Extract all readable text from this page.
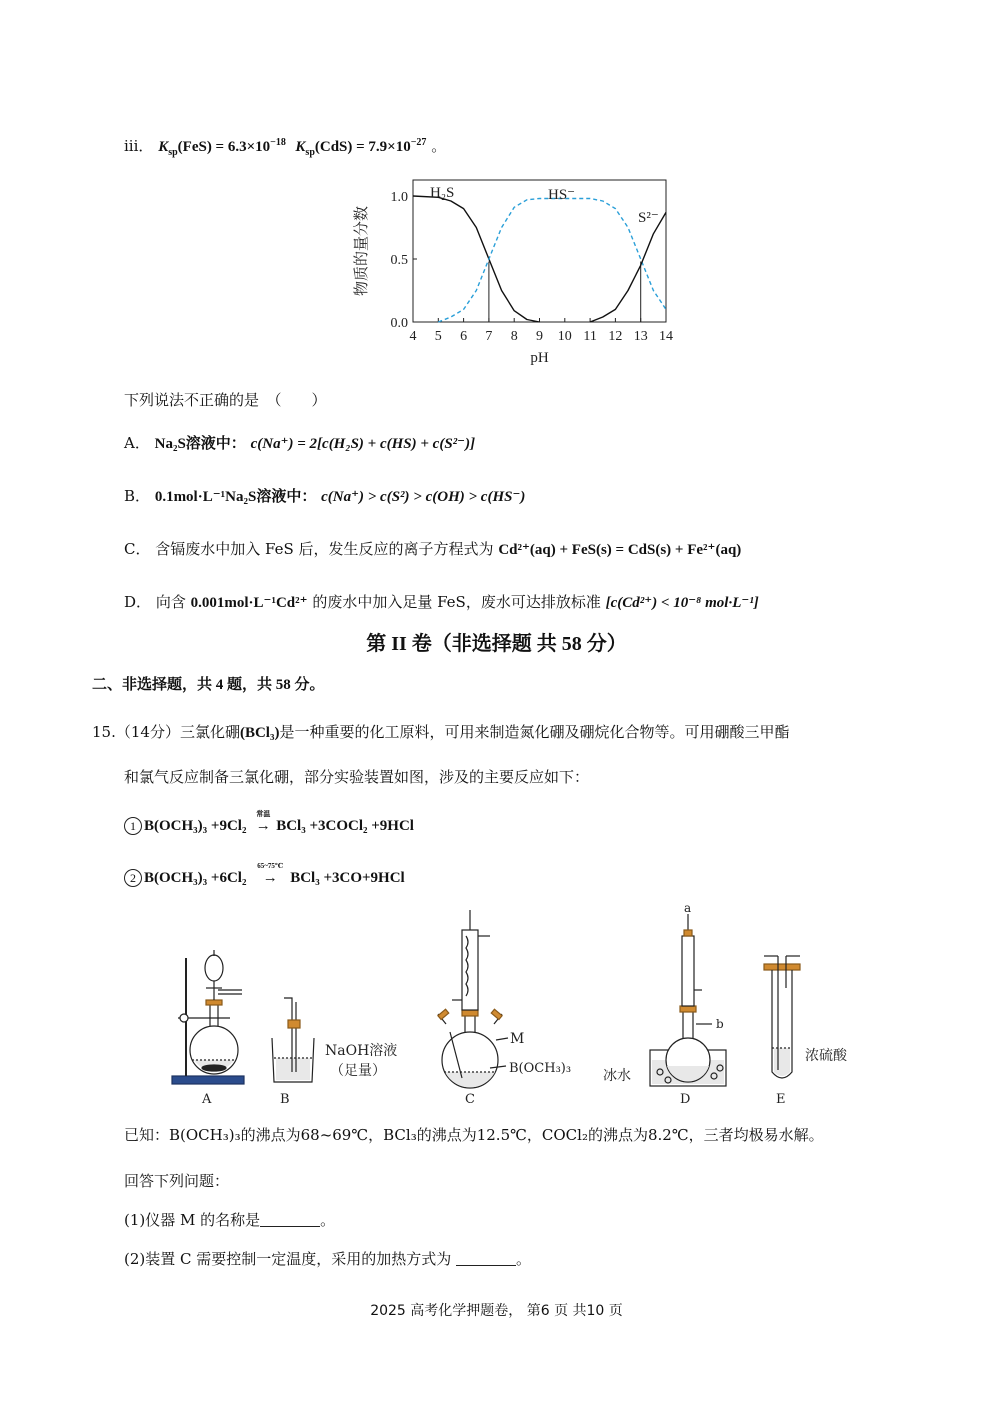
iii． $K_{sp}(FeS) = 6.3\times 10^{-18}$ $K_{sp}(CdS) = 7.9\times 10^{-27}$ 。
4 5 6 7 8 9 10 11 12 13 14
0.0
0.5
1.0 H₂S	HS⁻
S²⁻
pH
物质的量分数
下列说法不正确的是　（　　）
A． Na₂S溶液中： c(Na⁺) = 2[c(H₂S) + c(HS) + c(S²⁻)]
B． 0.1mol·L⁻¹Na₂S溶液中： c(Na⁺) > c(S²) > c(OH) > c(HS⁻)
C． 含镉废水中加入 FeS 后，发生反应的离子方程式为 Cd²⁺(aq) + FeS(s) = CdS(s) + Fe²⁺(aq)
D． 向含 0.001mol·L⁻¹Cd²⁺ 的废水中加入足量 FeS，废水可达排放标准 [c(Cd²⁺) < 10⁻⁸ mol·L⁻¹]
第 II 卷（非选择题 共 58 分）
二、非选择题，共 4 题，共 58 分。
15.（14分）三氯化硼(BCl₃)是一种重要的化工原料，可用来制造氮化硼及硼烷化合物等。可用硼酸三甲酯
和氯气反应制备三氯化硼，部分实验装置如图，涉及的主要反应如下：
1 B(OCH₃)₃ +9Cl₂
常温
→ BCl₃ +3COCl₂ +9HCl
2 B(OCH₃)₃ +6Cl₂
65~75℃
→ BCl₃ +3CO+9HCl
A	B
NaOH溶液
（足量）
C
M
B(OCH₃)₃
a
b
冰水
D
浓硫酸
E
已知：B(OCH₃)₃的沸点为68~69℃，BCl₃的沸点为12.5℃，COCl₂的沸点为8.2℃，三者均极易水解。
回答下列问题：
(1)仪器 M 的名称是	。
(2)装置 C 需要控制一定温度，采用的加热方式为	。
2025 高考化学押题卷， 第6 页 共10 页
